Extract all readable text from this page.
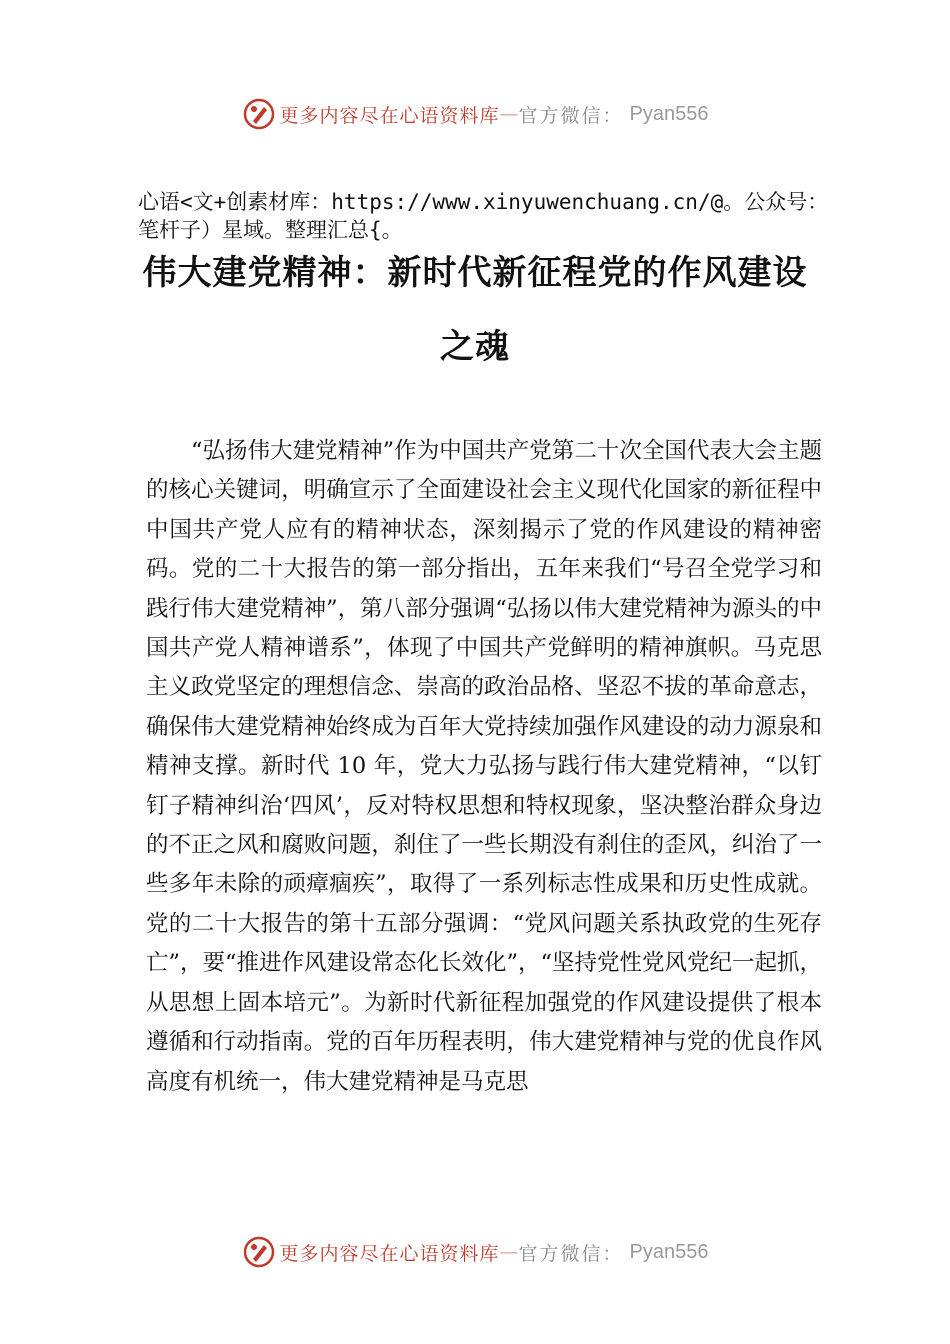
更多内容尽在心语资料库 — 官方微信： Pyan556
心语<文+创素材库：https://www.xinyuwenchuang.cn/@。公众号：笔杆子）星域。整理汇总{。
伟大建党精神：新时代新征程党的作风建设之魂
“弘扬伟大建党精神”作为中国共产党第二十次全国代表大会主题的核心关键词，明确宣示了全面建设社会主义现代化国家的新征程中中国共产党人应有的精神状态，深刻揭示了党的作风建设的精神密码。党的二十大报告的第一部分指出，五年来我们“号召全党学习和践行伟大建党精神”，第八部分强调“弘扬以伟大建党精神为源头的中国共产党人精神谱系”，体现了中国共产党鲜明的精神旗帜。马克思主义政党坚定的理想信念、崇高的政治品格、坚忍不拔的革命意志， 确保伟大建党精神始终成为百年大党持续加强作风建设的动力源泉和精神支撑。新时代 10 年，党大力弘扬与践行伟大建党精神，“以钉钉子精神纠治‘四风’，反对特权思想和特权现象，坚决整治群众身边的不正之风和腐败问题，刹住了一些长期没有刹住的歪风，纠治了一些多年未除的顽瘴痼疾”，取得了一系列标志性成果和历史性成就。党的二十大报告的第十五部分强调：“党风问题关系执政党的生死存亡”，要“推进作风建设常态化长效化”，“坚持党性党风党纪一起抓，从思想上固本培元”。为新时代新征程加强党的作风建设提供了根本遵循和行动指南。党的百年历程表明，伟大建党精神与党的优良作风高度有机统一，伟大建党精神是马克思
更多内容尽在心语资料库 — 官方微信： Pyan556
